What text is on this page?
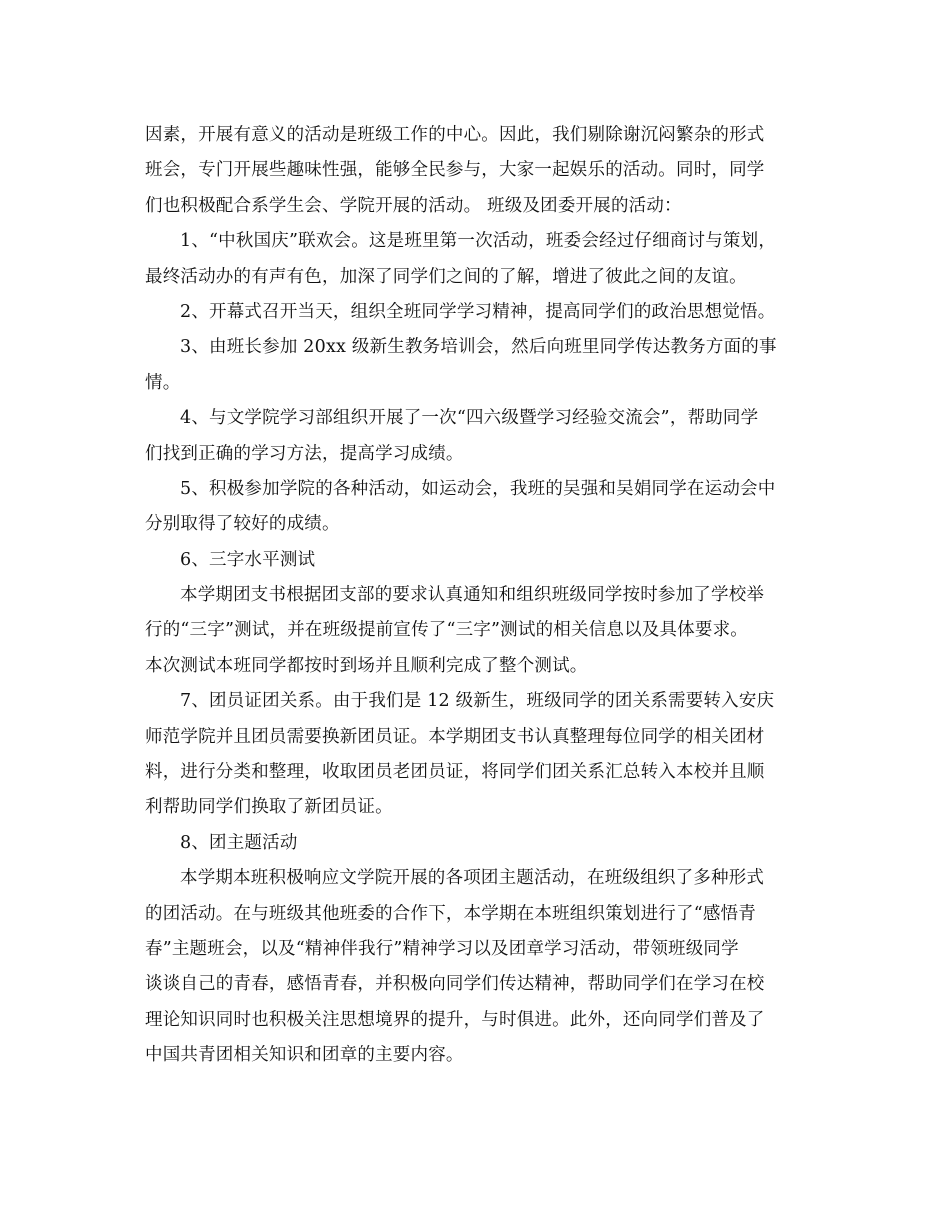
因素，开展有意义的活动是班级工作的中心。因此，我们剔除谢沉闷繁杂的形式
班会，专门开展些趣味性强，能够全民参与，大家一起娱乐的活动。同时，同学
们也积极配合系学生会、学院开展的活动。 班级及团委开展的活动：
1、“中秋国庆”联欢会。这是班里第一次活动，班委会经过仔细商讨与策划，
最终活动办的有声有色，加深了同学们之间的了解，增进了彼此之间的友谊。
2、开幕式召开当天，组织全班同学学习精神，提高同学们的政治思想觉悟。
3、由班长参加 20xx 级新生教务培训会，然后向班里同学传达教务方面的事
情。
4、与文学院学习部组织开展了一次“四六级暨学习经验交流会”，帮助同学
们找到正确的学习方法，提高学习成绩。
5、积极参加学院的各种活动，如运动会，我班的吴强和吴娟同学在运动会中
分别取得了较好的成绩。
6、三字水平测试
本学期团支书根据团支部的要求认真通知和组织班级同学按时参加了学校举
行的“三字”测试，并在班级提前宣传了“三字”测试的相关信息以及具体要求。
本次测试本班同学都按时到场并且顺利完成了整个测试。
7、团员证团关系。由于我们是 12 级新生，班级同学的团关系需要转入安庆
师范学院并且团员需要换新团员证。本学期团支书认真整理每位同学的相关团材
料，进行分类和整理，收取团员老团员证，将同学们团关系汇总转入本校并且顺
利帮助同学们换取了新团员证。
8、团主题活动
本学期本班积极响应文学院开展的各项团主题活动，在班级组织了多种形式
的团活动。在与班级其他班委的合作下，本学期在本班组织策划进行了“感悟青
春”主题班会，以及“精神伴我行”精神学习以及团章学习活动，带领班级同学
谈谈自己的青春，感悟青春，并积极向同学们传达精神，帮助同学们在学习在校
理论知识同时也积极关注思想境界的提升，与时俱进。此外，还向同学们普及了
中国共青团相关知识和团章的主要内容。
